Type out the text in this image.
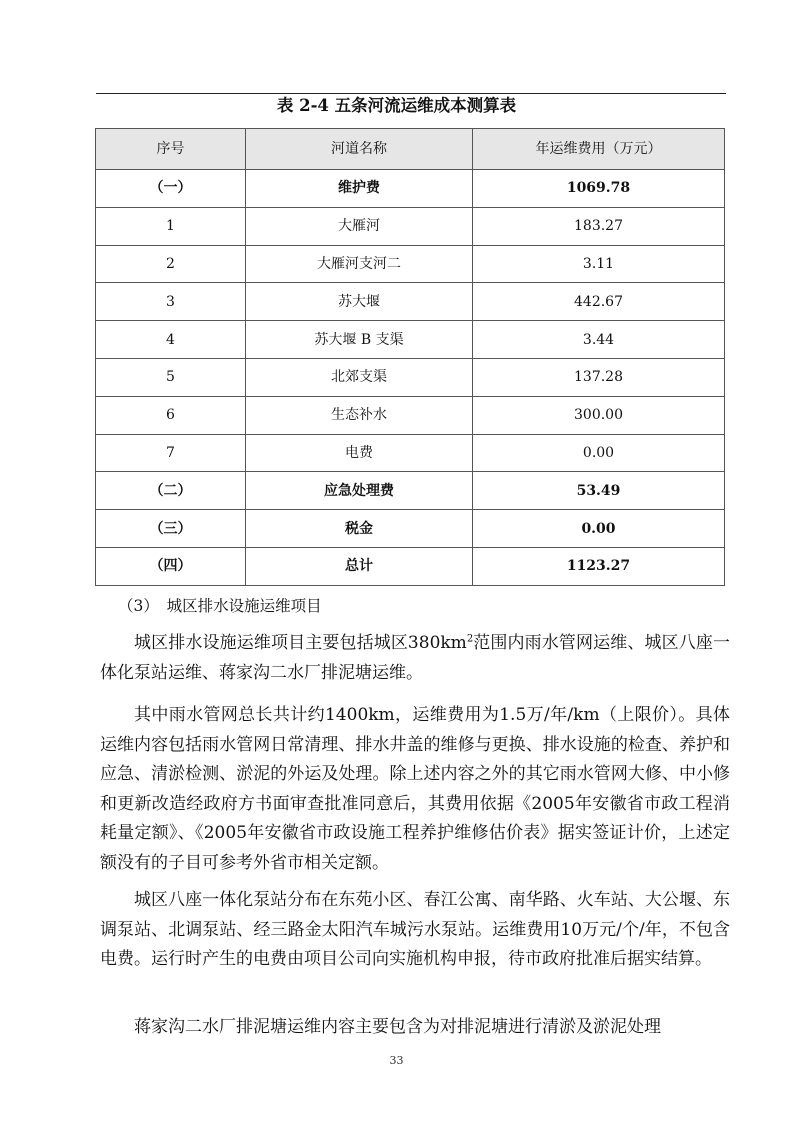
表 2-4 五条河流运维成本测算表
序号	河道名称	年运维费用（万元）
（一）	维护费	1069.78
1	大雁河	183.27
2	大雁河支河二	3.11
3	苏大堰	442.67
4	苏大堰 B 支渠	3.44
5	北郊支渠	137.28
6	生态补水	300.00
7	电费	0.00
（二）	应急处理费	53.49
（三）	税金	0.00
（四）	总计	1123.27
（3）　城区排水设施运维项目

城区排水设施运维项目主要包括城区$380km^2$范围内雨水管网运维、城区八座一体化泵站运维、蒋家沟二水厂排泥塘运维。

其中雨水管网总长共计约1400km，运维费用为1.5万/年/km（上限价）。具体运维内容包括雨水管网日常清理、排水井盖的维修与更换、排水设施的检查、养护和应急、清淤检测、淤泥的外运及处理。除上述内容之外的其它雨水管网大修、中小修和更新改造经政府方书面审查批准同意后，其费用依据《2005年安徽省市政工程消耗量定额》、《2005年安徽省市政设施工程养护维修估价表》据实签证计价，上述定额没有的子目可参考外省市相关定额。

城区八座一体化泵站分布在东苑小区、春江公寓、南华路、火车站、大公堰、东调泵站、北调泵站、经三路金太阳汽车城污水泵站。运维费用10万元/个/年，不包含电费。运行时产生的电费由项目公司向实施机构申报，待市政府批准后据实结算。

蒋家沟二水厂排泥塘运维内容主要包含为对排泥塘进行清淤及淤泥处理

33
